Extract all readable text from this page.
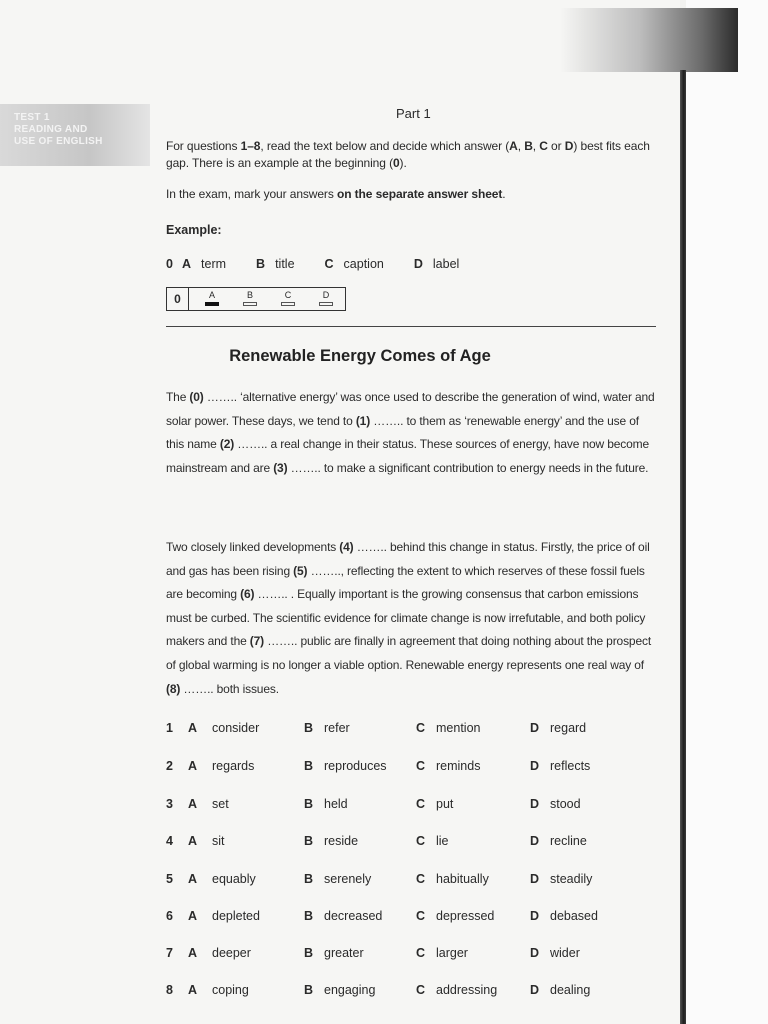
TEST 1
READING AND
USE OF ENGLISH
Part 1
For questions 1–8, read the text below and decide which answer (A, B, C or D) best fits each gap. There is an example at the beginning (0).
In the exam, mark your answers on the separate answer sheet.
Example:
0 A term B title C caption D label
0	A	B	C	D
Renewable Energy Comes of Age
The (0) …….. ‘alternative energy’ was once used to describe the generation of wind, water and solar power. These days, we tend to (1) …….. to them as ‘renewable energy’ and the use of this name (2) …….. a real change in their status. These sources of energy, have now become mainstream and are (3) …….. to make a significant contribution to energy needs in the future.
Two closely linked developments (4) …….. behind this change in status. Firstly, the price of oil and gas has been rising (5) …….., reflecting the extent to which reserves of these fossil fuels are becoming (6) …….. . Equally important is the growing consensus that carbon emissions must be curbed. The scientific evidence for climate change is now irrefutable, and both policy makers and the (7) …….. public are finally in agreement that doing nothing about the prospect of global warming is no longer a viable option. Renewable energy represents one real way of (8) …….. both issues.
1 A consider	B refer	C mention	D regard
2 A regards	B reproduces C reminds	D reflects
3 A set	B held	C put	D stood
4 A sit	B reside	C lie	D recline
5 A equably	B serenely	C habitually	D steadily
6 A depleted	B decreased	C depressed	D debased
7 A deeper	B greater	C larger	D wider
8 A coping	B engaging	C addressing	D dealing
